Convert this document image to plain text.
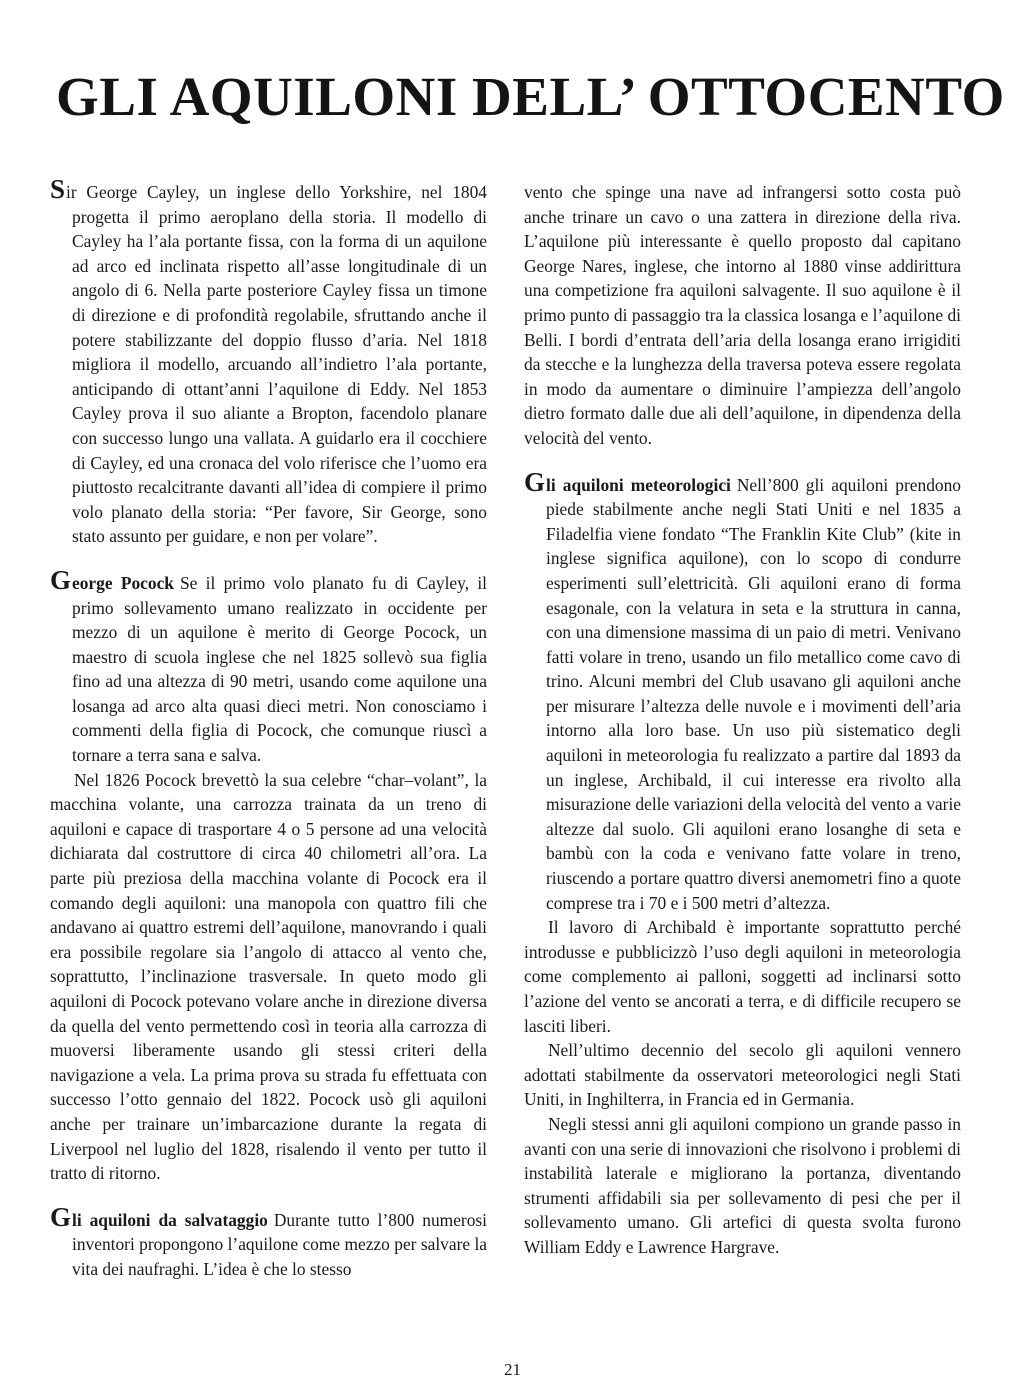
GLI AQUILONI DELL’ OTTOCENTO

Sir George Cayley, un inglese dello Yorkshire, nel 1804 progetta il primo aeroplano della storia. Il modello di Cayley ha l’ala portante fissa, con la forma di un aquilone ad arco ed inclinata rispetto all’asse longitudinale di un angolo di 6. Nella parte posteriore Cayley fissa un timone di direzione e di profondità regolabile, sfruttando anche il potere stabilizzante del doppio flusso d’aria. Nel 1818 migliora il modello, arcuando all’indietro l’ala portante, anticipando di ottant’anni l’aquilone di Eddy. Nel 1853 Cayley prova il suo aliante a Bropton, facendolo planare con successo lungo una vallata. A guidarlo era il cocchiere di Cayley, ed una cronaca del volo riferisce che l’uomo era piuttosto recalcitrante davanti all’idea di compiere il primo volo planato della storia: “Per favore, Sir George, sono stato assunto per guidare, e non per volare”.

George Pocock Se il primo volo planato fu di Cayley, il primo sollevamento umano realizzato in occidente per mezzo di un aquilone è merito di George Pocock, un maestro di scuola inglese che nel 1825 sollevò sua figlia fino ad una altezza di 90 metri, usando come aquilone una losanga ad arco alta quasi dieci metri. Non conosciamo i commenti della figlia di Pocock, che comunque riuscì a tornare a terra sana e salva.

Nel 1826 Pocock brevettò la sua celebre “char–volant”, la macchina volante, una carrozza trainata da un treno di aquiloni e capace di trasportare 4 o 5 persone ad una velocità dichiarata dal costruttore di circa 40 chilometri all’ora. La parte più preziosa della macchina volante di Pocock era il comando degli aquiloni: una manopola con quattro fili che andavano ai quattro estremi dell’aquilone, manovrando i quali era possibile regolare sia l’angolo di attacco al vento che, soprattutto, l’inclinazione trasversale. In queto modo gli aquiloni di Pocock potevano volare anche in direzione diversa da quella del vento permettendo così in teoria alla carrozza di muoversi liberamente usando gli stessi criteri della navigazione a vela. La prima prova su strada fu effettuata con successo l’otto gennaio del 1822. Pocock usò gli aquiloni anche per trainare un’imbarcazione durante la regata di Liverpool nel luglio del 1828, risalendo il vento per tutto il tratto di ritorno.

Gli aquiloni da salvataggio Durante tutto l’800 numerosi inventori propongono l’aquilone come mezzo per salvare la vita dei naufraghi. L’idea è che lo stesso

vento che spinge una nave ad infrangersi sotto costa può anche trinare un cavo o una zattera in direzione della riva. L’aquilone più interessante è quello proposto dal capitano George Nares, inglese, che intorno al 1880 vinse addirittura una competizione fra aquiloni salvagente. Il suo aquilone è il primo punto di passaggio tra la classica losanga e l’aquilone di Belli. I bordi d’entrata dell’aria della losanga erano irrigiditi da stecche e la lunghezza della traversa poteva essere regolata in modo da aumentare o diminuire l’ampiezza dell’angolo dietro formato dalle due ali dell’aquilone, in dipendenza della velocità del vento.

Gli aquiloni meteorologici Nell’800 gli aquiloni prendono piede stabilmente anche negli Stati Uniti e nel 1835 a Filadelfia viene fondato “The Franklin Kite Club” (kite in inglese significa aquilone), con lo scopo di condurre esperimenti sull’elettricità. Gli aquiloni erano di forma esagonale, con la velatura in seta e la struttura in canna, con una dimensione massima di un paio di metri. Venivano fatti volare in treno, usando un filo metallico come cavo di trino. Alcuni membri del Club usavano gli aquiloni anche per misurare l’altezza delle nuvole e i movimenti dell’aria intorno alla loro base. Un uso più sistematico degli aquiloni in meteorologia fu realizzato a partire dal 1893 da un inglese, Archibald, il cui interesse era rivolto alla misurazione delle variazioni della velocità del vento a varie altezze dal suolo. Gli aquiloni erano losanghe di seta e bambù con la coda e venivano fatte volare in treno, riuscendo a portare quattro diversi anemometri fino a quote comprese tra i 70 e i 500 metri d’altezza.

Il lavoro di Archibald è importante soprattutto perché introdusse e pubblicizzò l’uso degli aquiloni in meteorologia come complemento ai palloni, soggetti ad inclinarsi sotto l’azione del vento se ancorati a terra, e di difficile recupero se lasciti liberi.

Nell’ultimo decennio del secolo gli aquiloni vennero adottati stabilmente da osservatori meteorologici negli Stati Uniti, in Inghilterra, in Francia ed in Germania.

Negli stessi anni gli aquiloni compiono un grande passo in avanti con una serie di innovazioni che risolvono i problemi di instabilità laterale e migliorano la portanza, diventando strumenti affidabili sia per sollevamento di pesi che per il sollevamento umano. Gli artefici di questa svolta furono William Eddy e Lawrence Hargrave.

21
